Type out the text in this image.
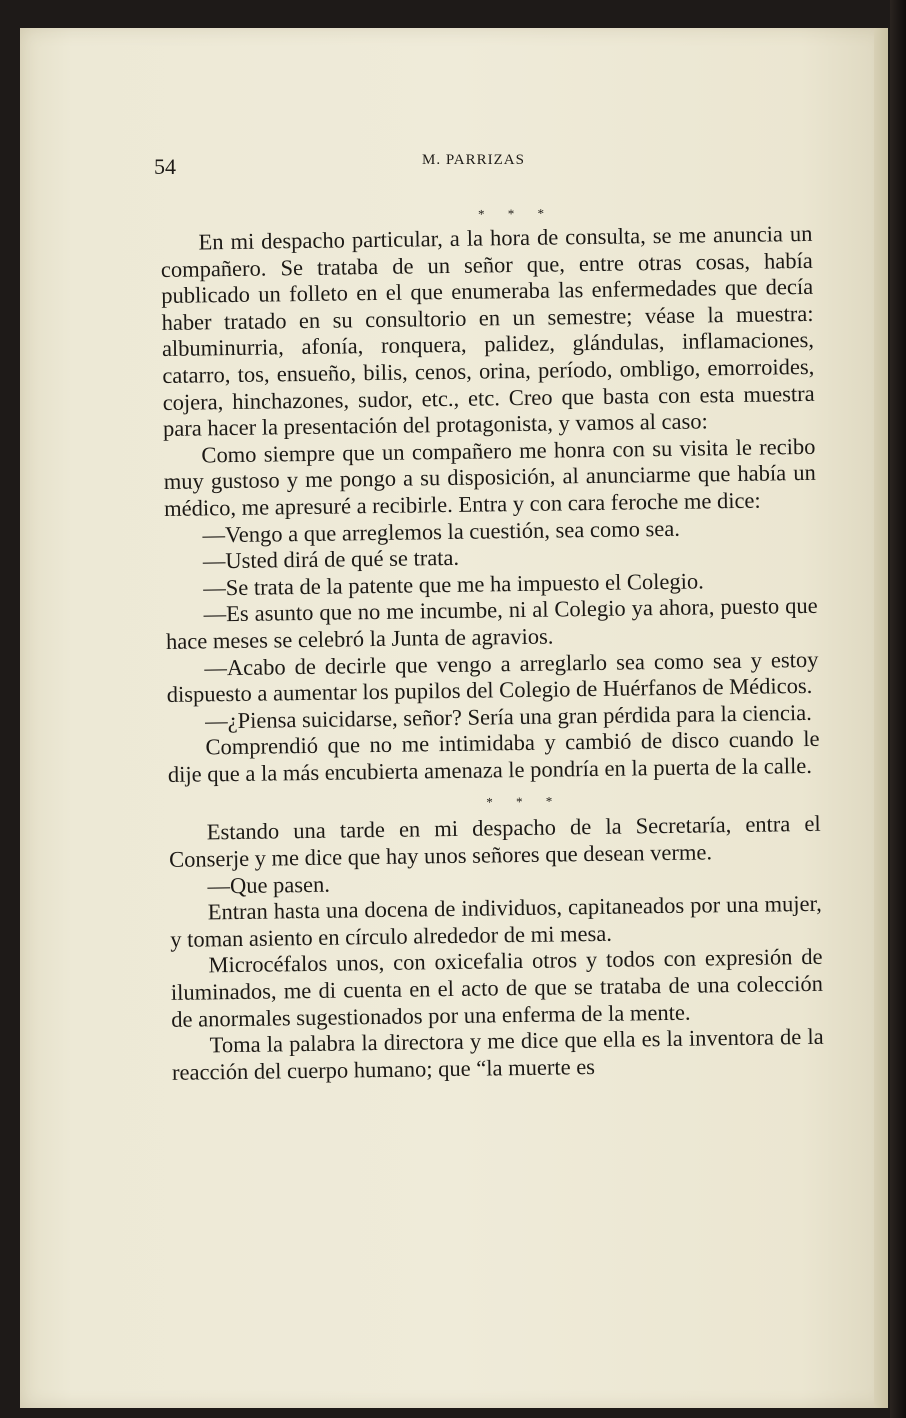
54	M. PARRIZAS
* * *

En mi despacho particular, a la hora de consulta, se me anuncia un compañero. Se trataba de un señor que, entre otras cosas, había publicado un folleto en el que enumeraba las enfermedades que decía haber tratado en su consultorio en un semestre; véase la muestra: albuminurria, afonía, ronquera, palidez, glándulas, inflamaciones, catarro, tos, ensueño, bilis, cenos, orina, período, ombligo, emorroides, cojera, hinchazones, sudor, etc., etc. Creo que basta con esta muestra para hacer la presentación del protagonista, y vamos al caso:

Como siempre que un compañero me honra con su visita le recibo muy gustoso y me pongo a su disposición, al anunciarme que había un médico, me apresuré a recibirle. Entra y con cara feroche me dice:

—Vengo a que arreglemos la cuestión, sea como sea.

—Usted dirá de qué se trata.

—Se trata de la patente que me ha impuesto el Colegio.

—Es asunto que no me incumbe, ni al Colegio ya ahora, puesto que hace meses se celebró la Junta de agravios.

—Acabo de decirle que vengo a arreglarlo sea como sea y estoy dispuesto a aumentar los pupilos del Colegio de Huérfanos de Médicos.

—¿Piensa suicidarse, señor? Sería una gran pérdida para la ciencia.

Comprendió que no me intimidaba y cambió de disco cuando le dije que a la más encubierta amenaza le pondría en la puerta de la calle.

* * *

Estando una tarde en mi despacho de la Secretaría, entra el Conserje y me dice que hay unos señores que desean verme.

—Que pasen.

Entran hasta una docena de individuos, capitaneados por una mujer, y toman asiento en círculo alrededor de mi mesa.

Microcéfalos unos, con oxicefalia otros y todos con expresión de iluminados, me di cuenta en el acto de que se trataba de una colección de anormales sugestionados por una enferma de la mente.

Toma la palabra la directora y me dice que ella es la inventora de la reacción del cuerpo humano; que “la muerte es
